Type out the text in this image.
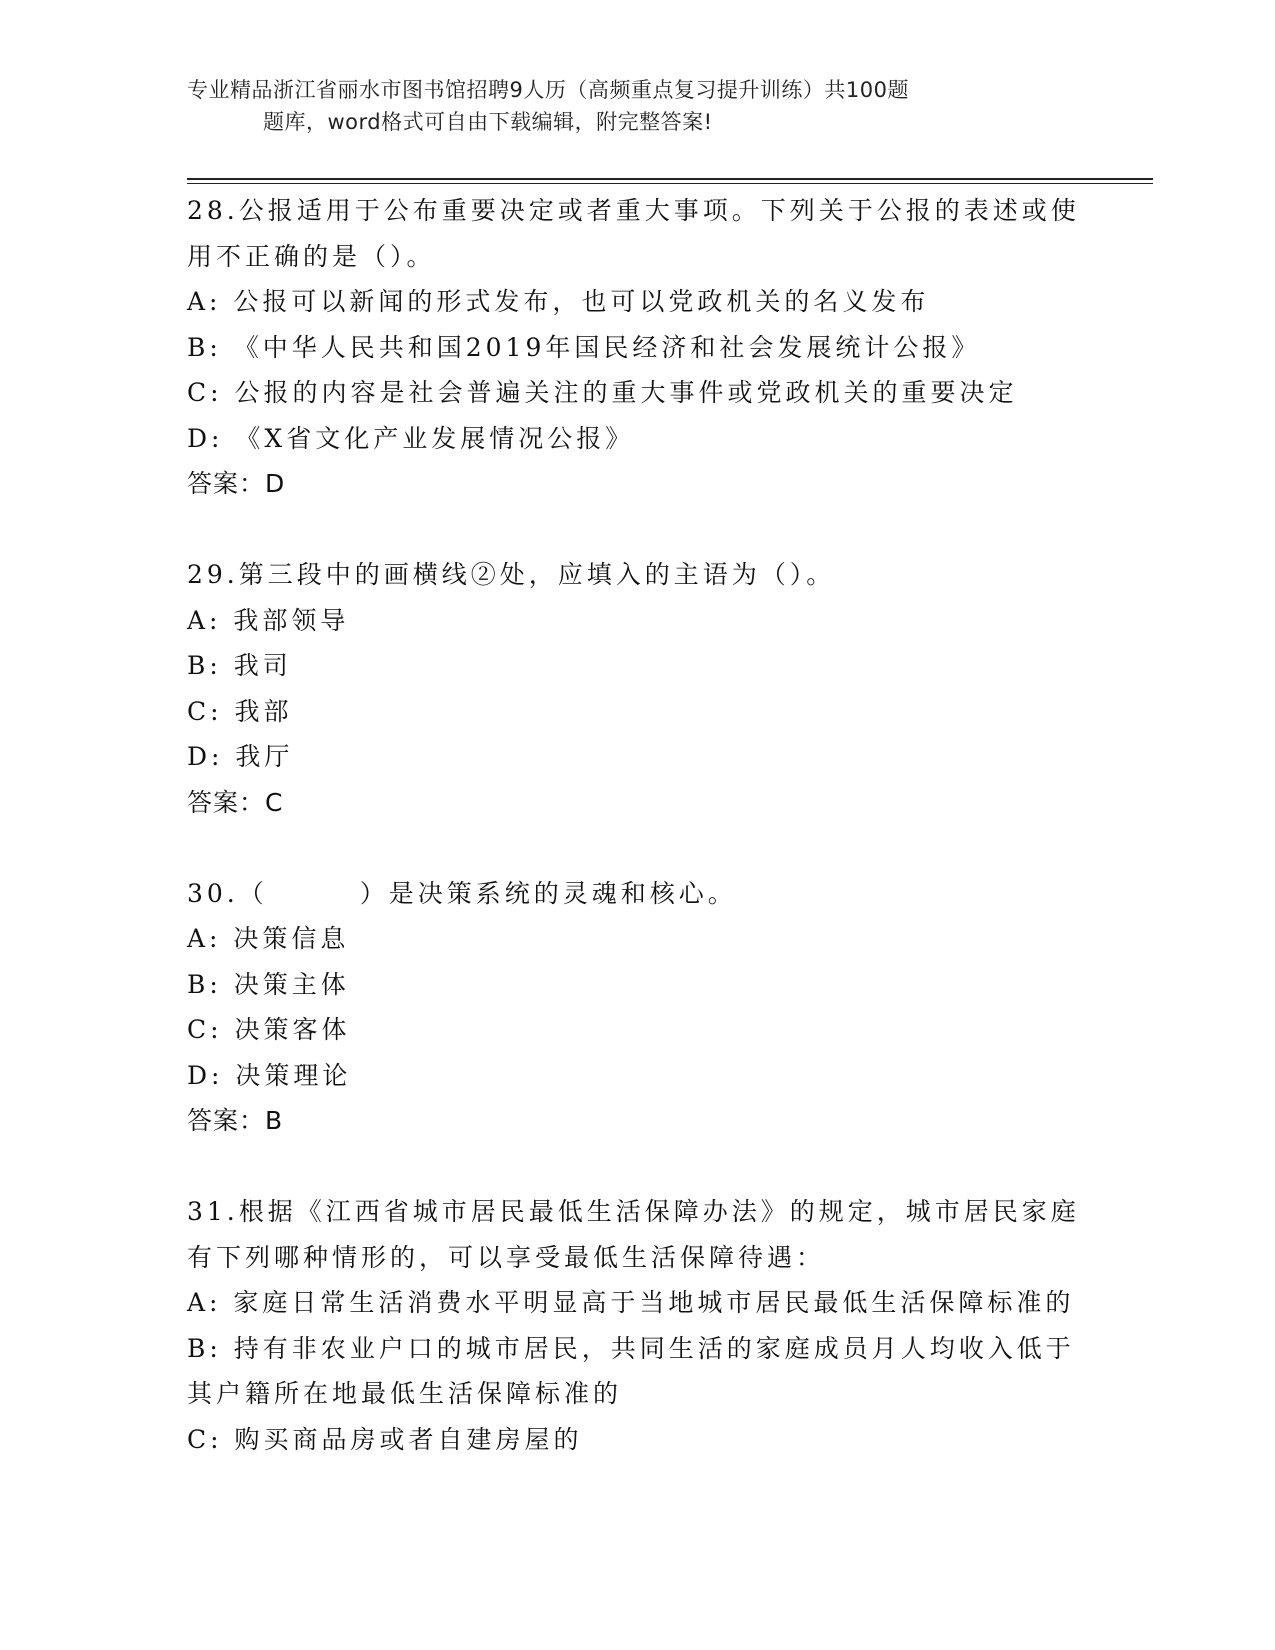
专业精品浙江省丽水市图书馆招聘9人历（高频重点复习提升训练）共100题
题库，word格式可自由下载编辑，附完整答案!
28.公报适用于公布重要决定或者重大事项。下列关于公报的表述或使
用不正确的是（）。
A: 公报可以新闻的形式发布，也可以党政机关的名义发布
B: 《中华人民共和国2019年国民经济和社会发展统计公报》
C: 公报的内容是社会普遍关注的重大事件或党政机关的重要决定
D: 《X省文化产业发展情况公报》
答案：D
29.第三段中的画横线②处，应填入的主语为（）。
A: 我部领导
B: 我司
C: 我部
D: 我厅
答案：C
30.（	）是决策系统的灵魂和核心。
A: 决策信息
B: 决策主体
C: 决策客体
D: 决策理论
答案：B
31.根据《江西省城市居民最低生活保障办法》的规定，城市居民家庭
有下列哪种情形的，可以享受最低生活保障待遇：
A: 家庭日常生活消费水平明显高于当地城市居民最低生活保障标准的
B: 持有非农业户口的城市居民，共同生活的家庭成员月人均收入低于
其户籍所在地最低生活保障标准的
C: 购买商品房或者自建房屋的
